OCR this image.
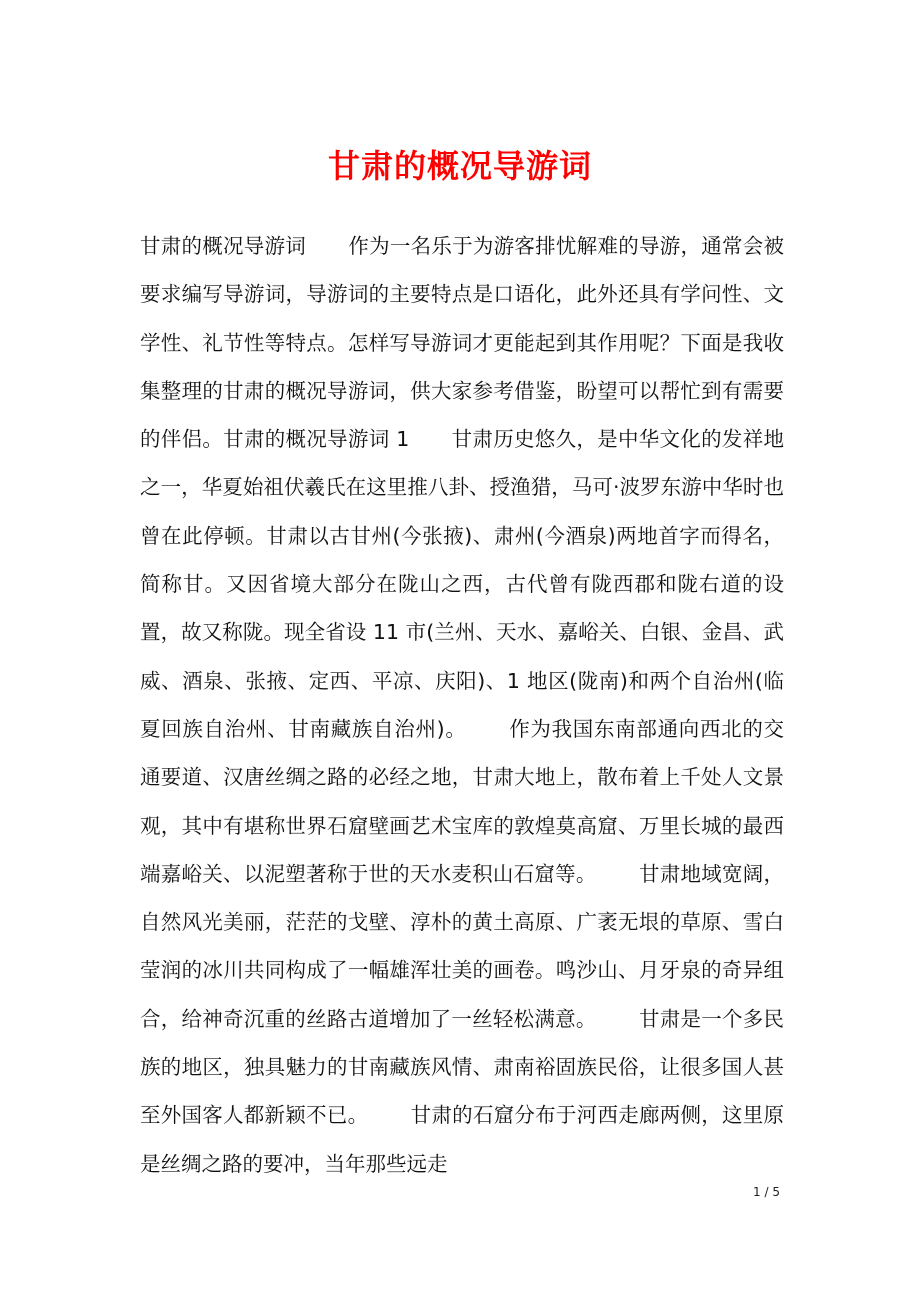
甘肃的概况导游词

甘肃的概况导游词 作为一名乐于为游客排忧解难的导游，通常会被要求编写导游词，导游词的主要特点是口语化，此外还具有学问性、文学性、礼节性等特点。怎样写导游词才更能起到其作用呢？下面是我收集整理的甘肃的概况导游词，供大家参考借鉴，盼望可以帮忙到有需要的伴侣。甘肃的概况导游词 1 甘肃历史悠久，是中华文化的发祥地之一，华夏始祖伏羲氏在这里推八卦、授渔猎，马可·波罗东游中华时也曾在此停顿。甘肃以古甘州(今张掖)、肃州(今酒泉)两地首字而得名，简称甘。又因省境大部分在陇山之西，古代曾有陇西郡和陇右道的设置，故又称陇。现全省设 11 市(兰州、天水、嘉峪关、白银、金昌、武威、酒泉、张掖、定西、平凉、庆阳)、1 地区(陇南)和两个自治州(临夏回族自治州、甘南藏族自治州)。 作为我国东南部通向西北的交通要道、汉唐丝绸之路的必经之地，甘肃大地上，散布着上千处人文景观，其中有堪称世界石窟壁画艺术宝库的敦煌莫高窟、万里长城的最西端嘉峪关、以泥塑著称于世的天水麦积山石窟等。 甘肃地域宽阔，自然风光美丽，茫茫的戈壁、淳朴的黄土高原、广袤无垠的草原、雪白莹润的冰川共同构成了一幅雄浑壮美的画卷。鸣沙山、月牙泉的奇异组合，给神奇沉重的丝路古道增加了一丝轻松满意。 甘肃是一个多民族的地区，独具魅力的甘南藏族风情、肃南裕固族民俗，让很多国人甚至外国客人都新颖不已。 甘肃的石窟分布于河西走廊两侧，这里原是丝绸之路的要冲，当年那些远走

1 / 5
